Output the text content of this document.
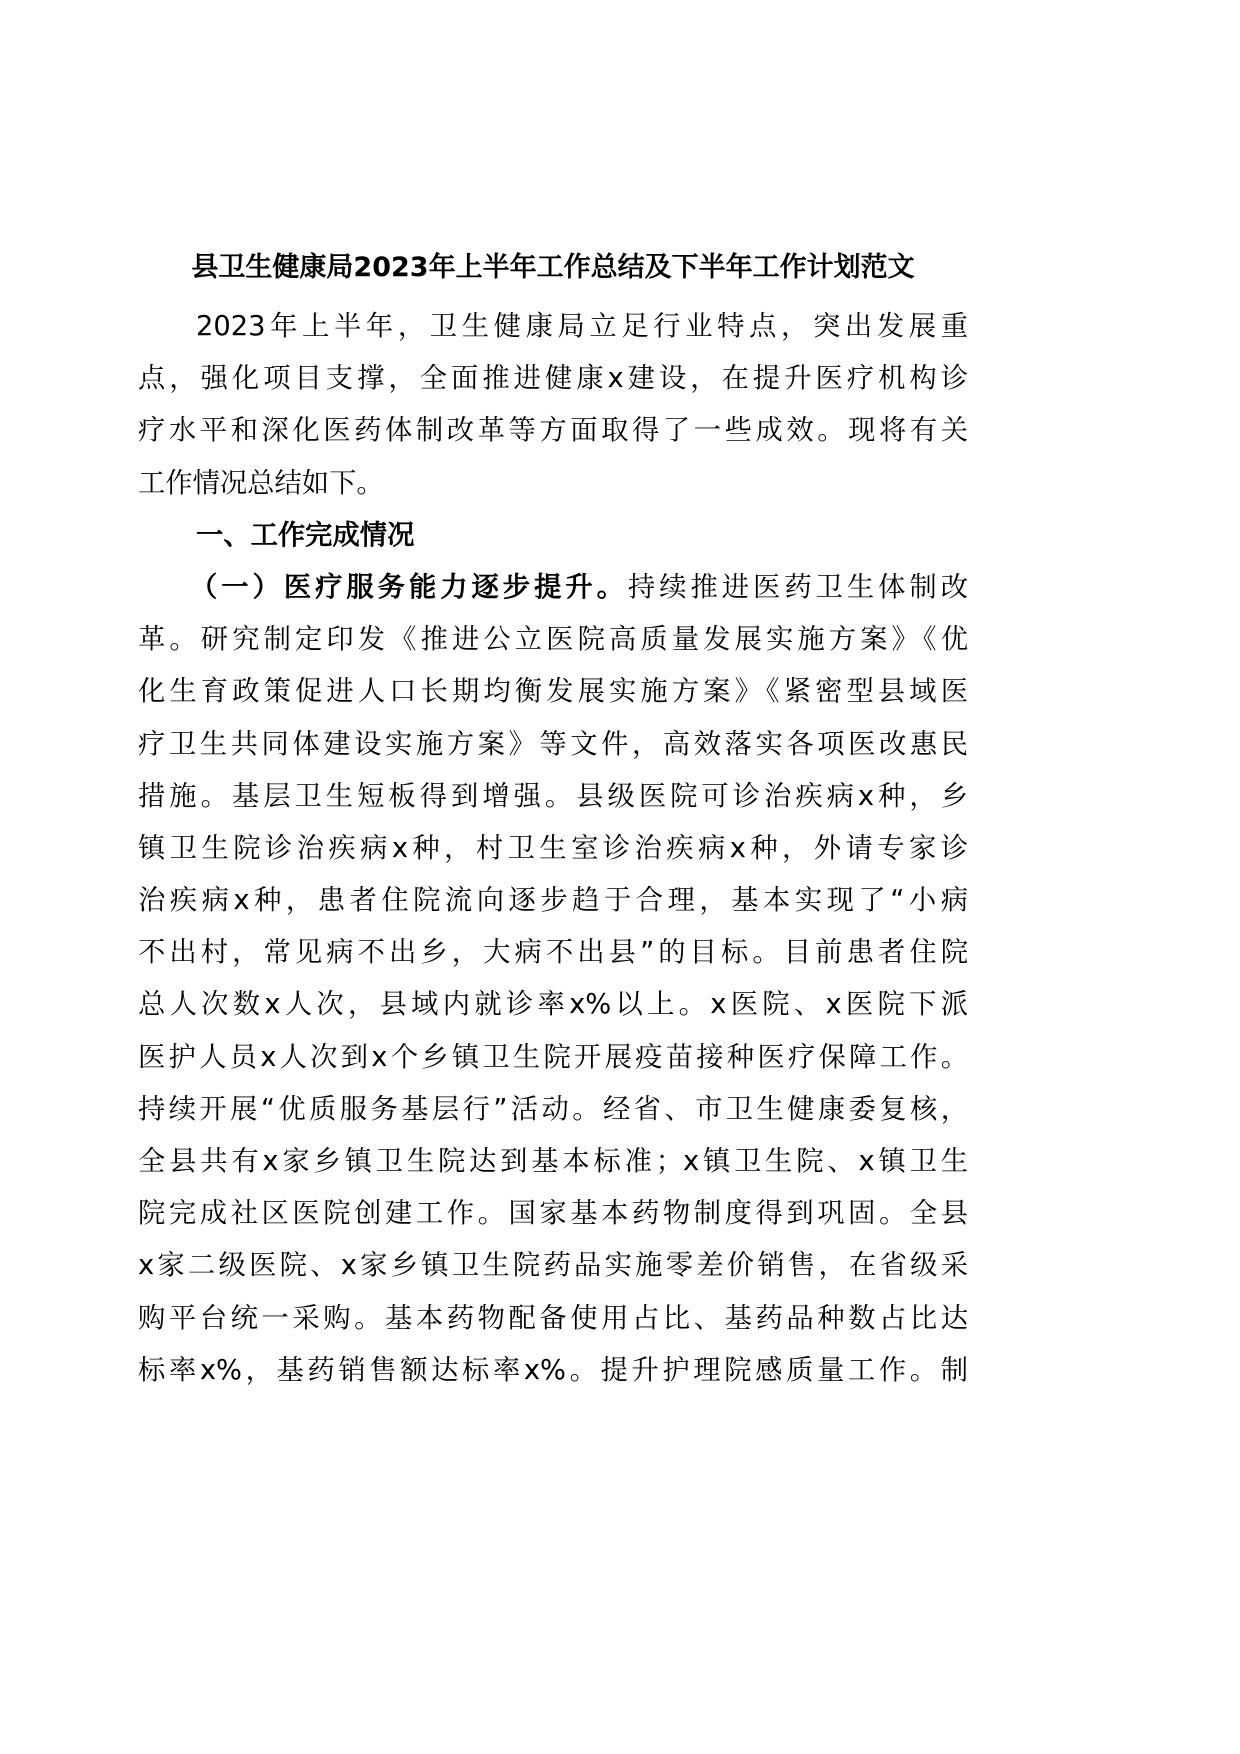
县卫生健康局2023年上半年工作总结及下半年工作计划范文
2023年上半年，卫生健康局立足行业特点，突出发展重
点，强化项目支撑，全面推进健康x建设，在提升医疗机构诊
疗水平和深化医药体制改革等方面取得了一些成效。现将有关
工作情况总结如下。
一、工作完成情况
（一）医疗服务能力逐步提升。持续推进医药卫生体制改
革。研究制定印发《推进公立医院高质量发展实施方案》《优
化生育政策促进人口长期均衡发展实施方案》《紧密型县域医
疗卫生共同体建设实施方案》等文件，高效落实各项医改惠民
措施。基层卫生短板得到增强。县级医院可诊治疾病x种，乡
镇卫生院诊治疾病x种，村卫生室诊治疾病x种，外请专家诊
治疾病x种，患者住院流向逐步趋于合理，基本实现了“小病
不出村，常见病不出乡，大病不出县”的目标。目前患者住院
总人次数x人次，县域内就诊率x%以上。x医院、x医院下派
医护人员x人次到x个乡镇卫生院开展疫苗接种医疗保障工作。
持续开展“优质服务基层行”活动。经省、市卫生健康委复核，
全县共有x家乡镇卫生院达到基本标准；x镇卫生院、x镇卫生
院完成社区医院创建工作。国家基本药物制度得到巩固。全县
x家二级医院、x家乡镇卫生院药品实施零差价销售，在省级采
购平台统一采购。基本药物配备使用占比、基药品种数占比达
标率x%，基药销售额达标率x%。提升护理院感质量工作。制
